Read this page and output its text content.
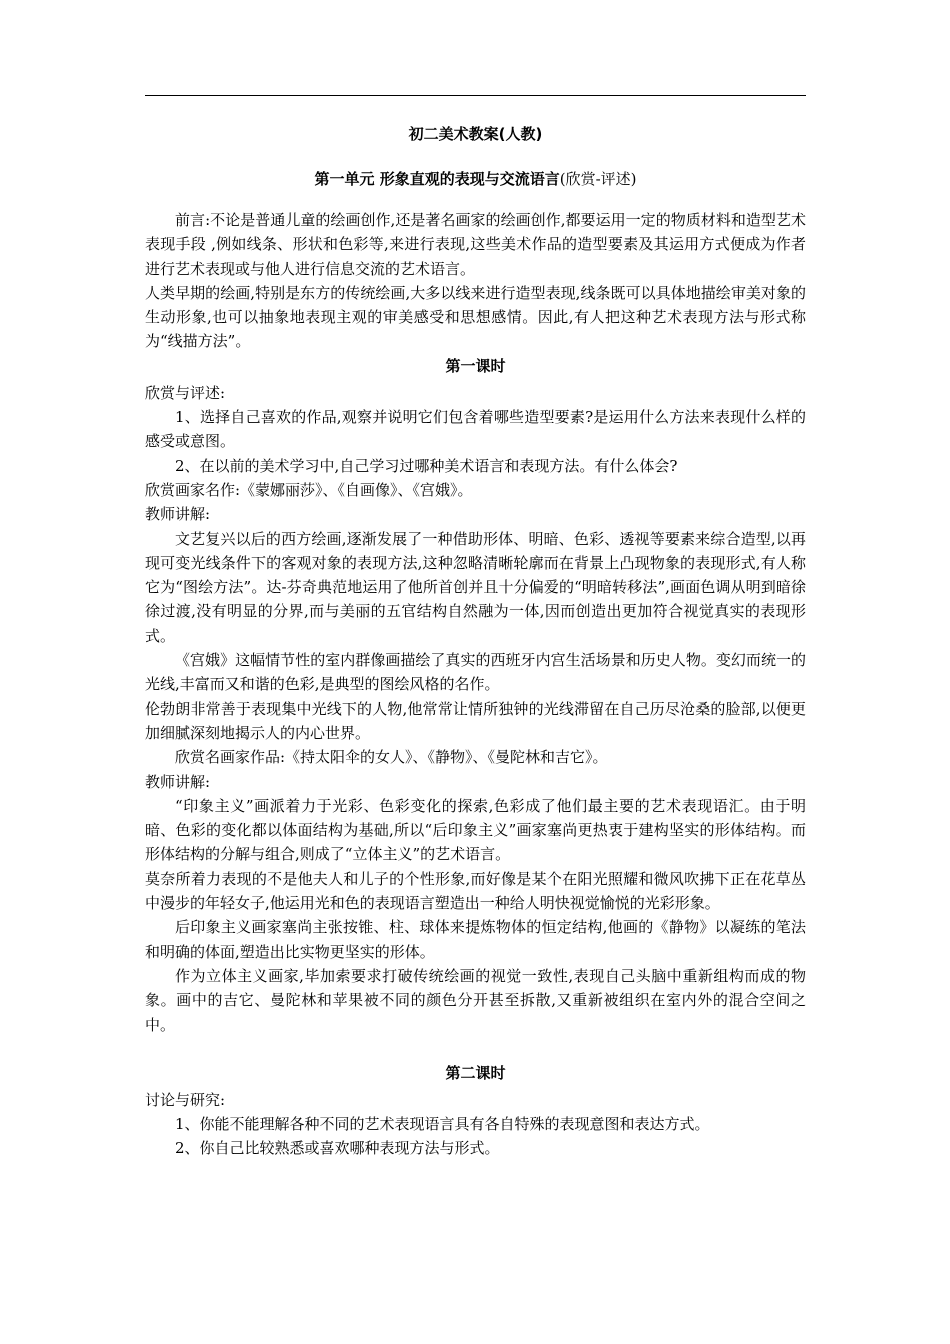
初二美术教案(人教)

第一单元 形象直观的表现与交流语言(欣赏-评述)

前言:不论是普通儿童的绘画创作,还是著名画家的绘画创作,都要运用一定的物质材料和造型艺术表现手段 ,例如线条、形状和色彩等,来进行表现,这些美术作品的造型要素及其运用方式便成为作者进行艺术表现或与他人进行信息交流的艺术语言。

人类早期的绘画,特别是东方的传统绘画,大多以线来进行造型表现,线条既可以具体地描绘审美对象的生动形象,也可以抽象地表现主观的审美感受和思想感情。因此,有人把这种艺术表现方法与形式称为“线描方法”。

第一课时

欣赏与评述:

1、选择自己喜欢的作品,观察并说明它们包含着哪些造型要素?是运用什么方法来表现什么样的感受或意图。

2、在以前的美术学习中,自己学习过哪种美术语言和表现方法。有什么体会?

欣赏画家名作:《蒙娜丽莎》、《自画像》、《宫娥》。

教师讲解:

文艺复兴以后的西方绘画,逐渐发展了一种借助形体、明暗、色彩、透视等要素来综合造型,以再现可变光线条件下的客观对象的表现方法,这种忽略清晰轮廓而在背景上凸现物象的表现形式,有人称它为“图绘方法”。达-芬奇典范地运用了他所首创并且十分偏爱的“明暗转移法”,画面色调从明到暗徐徐过渡,没有明显的分界,而与美丽的五官结构自然融为一体,因而创造出更加符合视觉真实的表现形式。

《宫娥》这幅情节性的室内群像画描绘了真实的西班牙内宫生活场景和历史人物。变幻而统一的光线,丰富而又和谐的色彩,是典型的图绘风格的名作。

伦勃朗非常善于表现集中光线下的人物,他常常让情所独钟的光线滞留在自己历尽沧桑的脸部,以便更加细腻深刻地揭示人的内心世界。

欣赏名画家作品:《持太阳伞的女人》、《静物》、《曼陀林和吉它》。

教师讲解:

“印象主义”画派着力于光彩、色彩变化的探索,色彩成了他们最主要的艺术表现语汇。由于明暗、色彩的变化都以体面结构为基础,所以“后印象主义”画家塞尚更热衷于建构坚实的形体结构。而形体结构的分解与组合,则成了“立体主义”的艺术语言。

莫奈所着力表现的不是他夫人和儿子的个性形象,而好像是某个在阳光照耀和微风吹拂下正在花草丛中漫步的年轻女子,他运用光和色的表现语言塑造出一种给人明快视觉愉悦的光彩形象。

后印象主义画家塞尚主张按锥、柱、球体来提炼物体的恒定结构,他画的《静物》以凝练的笔法和明确的体面,塑造出比实物更坚实的形体。

作为立体主义画家,毕加索要求打破传统绘画的视觉一致性,表现自己头脑中重新组构而成的物象。画中的吉它、曼陀林和苹果被不同的颜色分开甚至拆散,又重新被组织在室内外的混合空间之中。

第二课时

讨论与研究:

1、你能不能理解各种不同的艺术表现语言具有各自特殊的表现意图和表达方式。

2、你自己比较熟悉或喜欢哪种表现方法与形式。
